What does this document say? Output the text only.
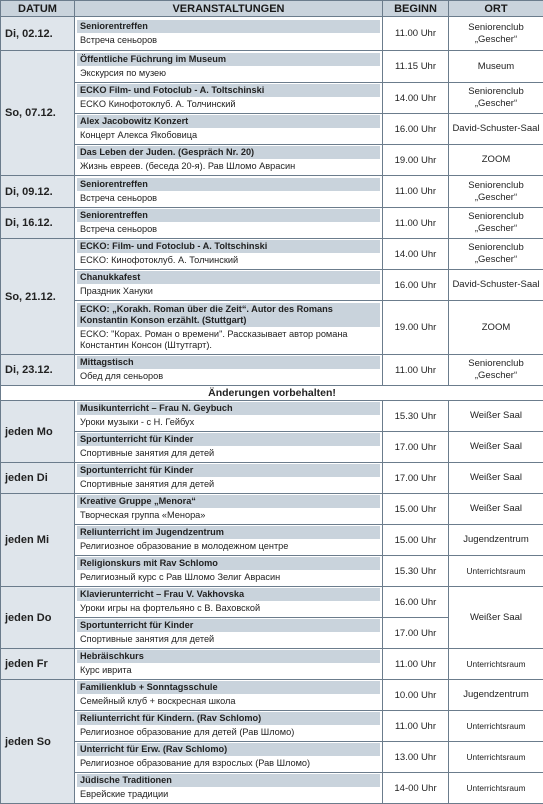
DATUM	VERANSTALTUNGEN	BEGINN	ORT
Di, 02.12.	Seniorentreffen
Встреча сеньоров	11.00 Uhr	Seniorenclub „Gescher“
So, 07.12.	Öffentliche Füchrung im Museum
Экскурсия по музею	11.15 Uhr	Museum

	ECKO Film- und Fotoclub - A. Toltschinski
ECKO Кинофотоклуб. А. Толчинский	14.00 Uhr	Seniorenclub „Gescher“

	Alex Jacobowitz Konzert
Концерт Алекса Якобовица	16.00 Uhr	David-Schuster-Saal

	Das Leben der Juden. (Gespräch Nr. 20)
Жизнь евреев. (беседа 20-я). Рав Шломо Авраcин	19.00 Uhr	ZOOM
Di, 09.12.	Seniorentreffen
Встреча сеньоров	11.00 Uhr	Seniorenclub „Gescher“
Di, 16.12.	Seniorentreffen
Встреча сеньоров	11.00 Uhr	Seniorenclub „Gescher“
So, 21.12.	ECKO: Film- und Fotoclub - A. Toltschinski
ECKO: Кинофотоклуб. А. Толчинский	14.00 Uhr	Seniorenclub „Gescher“

	Chanukkafest
Праздник Хануки	16.00 Uhr	David-Schuster-Saal

	ECKO: „Korakh. Roman über die Zeit“. Autor des Romans Konstantin Konson erzählt. (Stuttgart)
ECKO: "Корах. Роман о времени". Рассказывает автор романа Константин Консон (Штутгарт).	19.00 Uhr	ZOOM
Di, 23.12.	Mittagstisch
Обед для сеньоров	11.00 Uhr	Seniorenclub „Gescher“
Änderungen vorbehalten!			
jeden Mo	Musikunterricht – Frau N. Geybuch
Уроки музыки - с Н. Гейбух	15.30 Uhr	Weißer Saal

	Sportunterricht für Kinder
Спортивные занятия для детей	17.00 Uhr	Weißer Saal
jeden Di	Sportunterricht für Kinder
Спортивные занятия для детей	17.00 Uhr	Weißer Saal
jeden Mi	Kreative Gruppe „Menora“
Творческая группа «Менора»	15.00 Uhr	Weißer Saal

	Reliunterricht im Jugendzentrum
Религиозное образование в молодежном центре	15.00 Uhr	Jugendzentrum

	Religionskurs mit Rav Schlomo
Религиозный курс с Рав Шломо Зелиг Авраcин	15.30 Uhr	Unterrichtsraum
jeden Do	Klavierunterricht – Frau V. Vakhovska
Уроки игры на фортельяно с В. Ваховской	16.00 Uhr	Weißer Saal

	Sportunterricht für Kinder
Спортивные занятия для детей	17.00 Uhr	
jeden Fr	Hebräischkurs
Курс иврита	11.00 Uhr	Unterrichtsraum
jeden So	Familienklub + Sonntagsschule
Семейный клуб + воскресная школа	10.00 Uhr	Jugendzentrum

	Reliunterricht für Kindern. (Rav Schlomo)
Религиозное образование для детей (Рав Шломо)	11.00 Uhr	Unterrichtsraum

	Unterricht für Erw. (Rav Schlomo)
Религиозное образование для взрослых (Рав Шломо)	13.00 Uhr	Unterrichtsraum

	Jüdische Traditionen
Еврейские традиции	14-00 Uhr	Unterrichtsraum
